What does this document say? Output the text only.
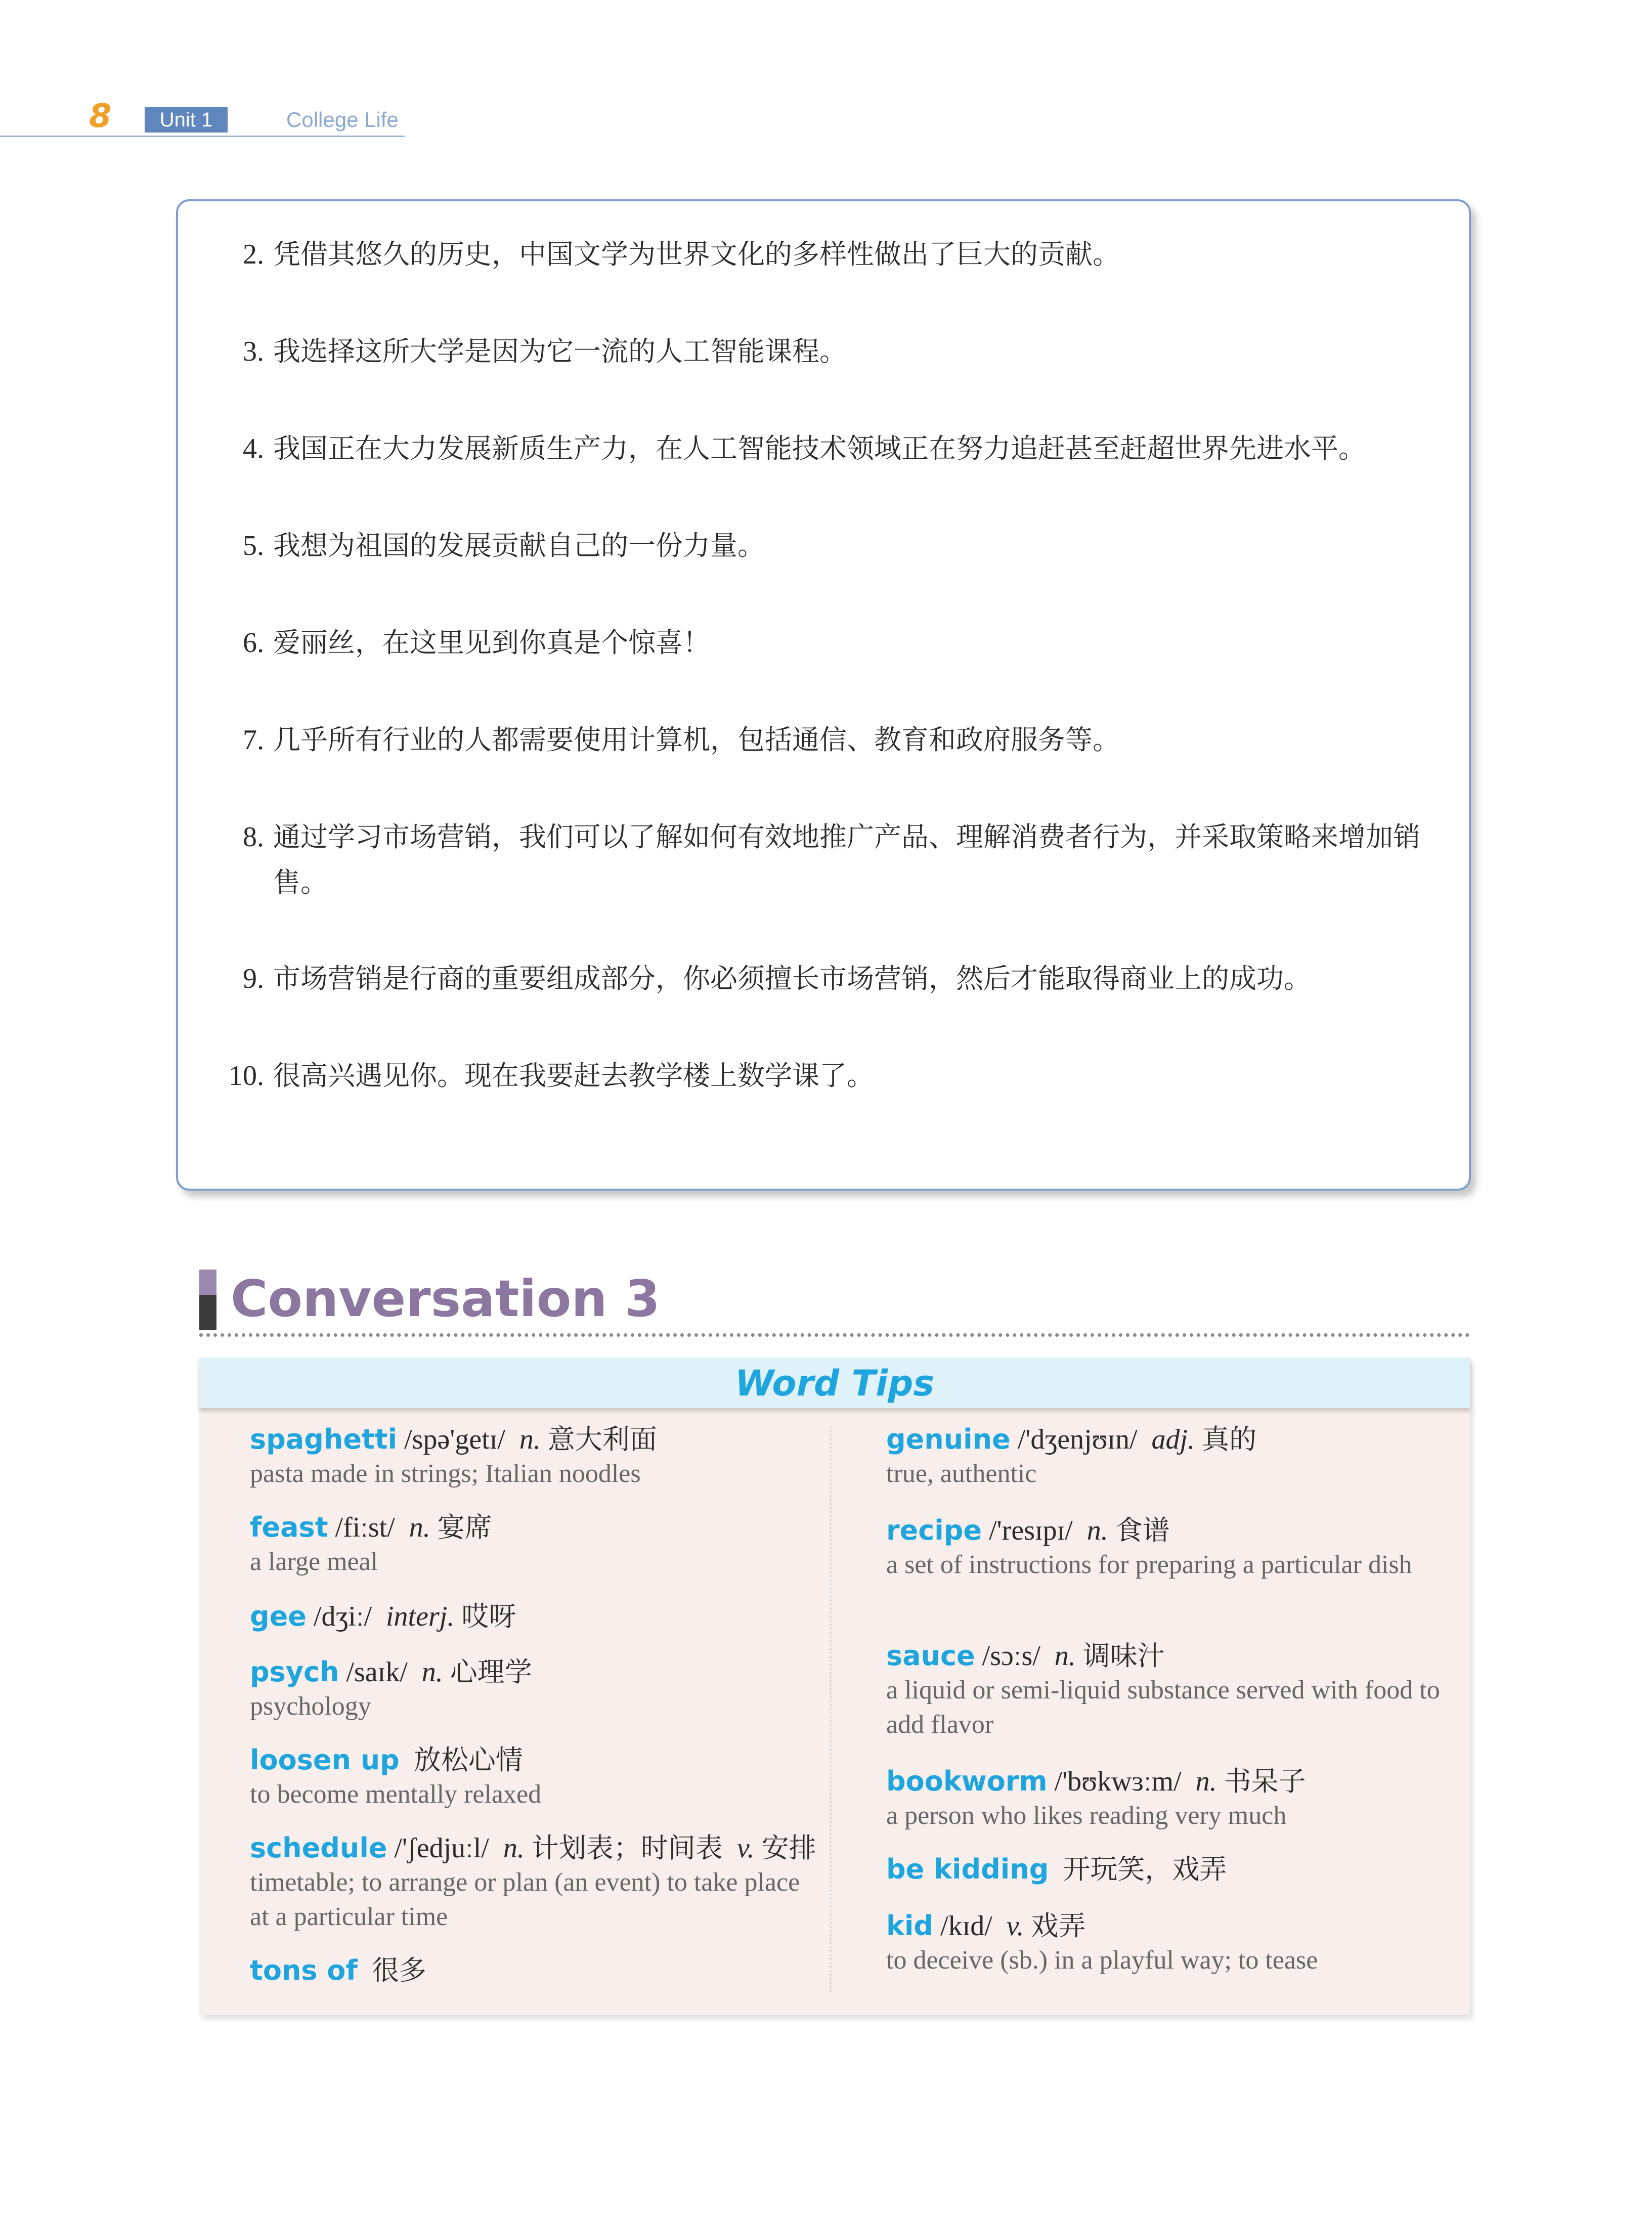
8	Unit 1	College Life
2. 凭借其悠久的历史，中国文学为世界文化的多样性做出了巨大的贡献。
3. 我选择这所大学是因为它一流的人工智能课程。
4. 我国正在大力发展新质生产力，在人工智能技术领域正在努力追赶甚至赶超世界先进水平。
5. 我想为祖国的发展贡献自己的一份力量。
6. 爱丽丝，在这里见到你真是个惊喜！
7. 几乎所有行业的人都需要使用计算机，包括通信、教育和政府服务等。
8. 通过学习市场营销，我们可以了解如何有效地推广产品、理解消费者行为，并采取策略来增加销售。
9. 市场营销是行商的重要组成部分，你必须擅长市场营销，然后才能取得商业上的成功。
10. 很高兴遇见你。现在我要赶去教学楼上数学课了。
Conversation 3
Word Tips
spaghetti /spə'getɪ/ n. 意大利面
pasta made in strings; Italian noodles
feast /fiːst/ n. 宴席
a large meal
gee /dʒiː/ interj. 哎呀
psych /saɪk/ n. 心理学
psychology
loosen up 放松心情
to become mentally relaxed
schedule /'ʃedjuːl/ n. 计划表；时间表 v. 安排
timetable; to arrange or plan (an event) to take place at a particular time
tons of 很多
genuine /'dʒenjʊɪn/ adj. 真的
true, authentic
recipe /'resɪpɪ/ n. 食谱
a set of instructions for preparing a particular dish
sauce /sɔːs/ n. 调味汁
a liquid or semi-liquid substance served with food to add flavor
bookworm /'bʊkwɜːm/ n. 书呆子
a person who likes reading very much
be kidding 开玩笑，戏弄
kid /kɪd/ v. 戏弄
to deceive (sb.) in a playful way; to tease
